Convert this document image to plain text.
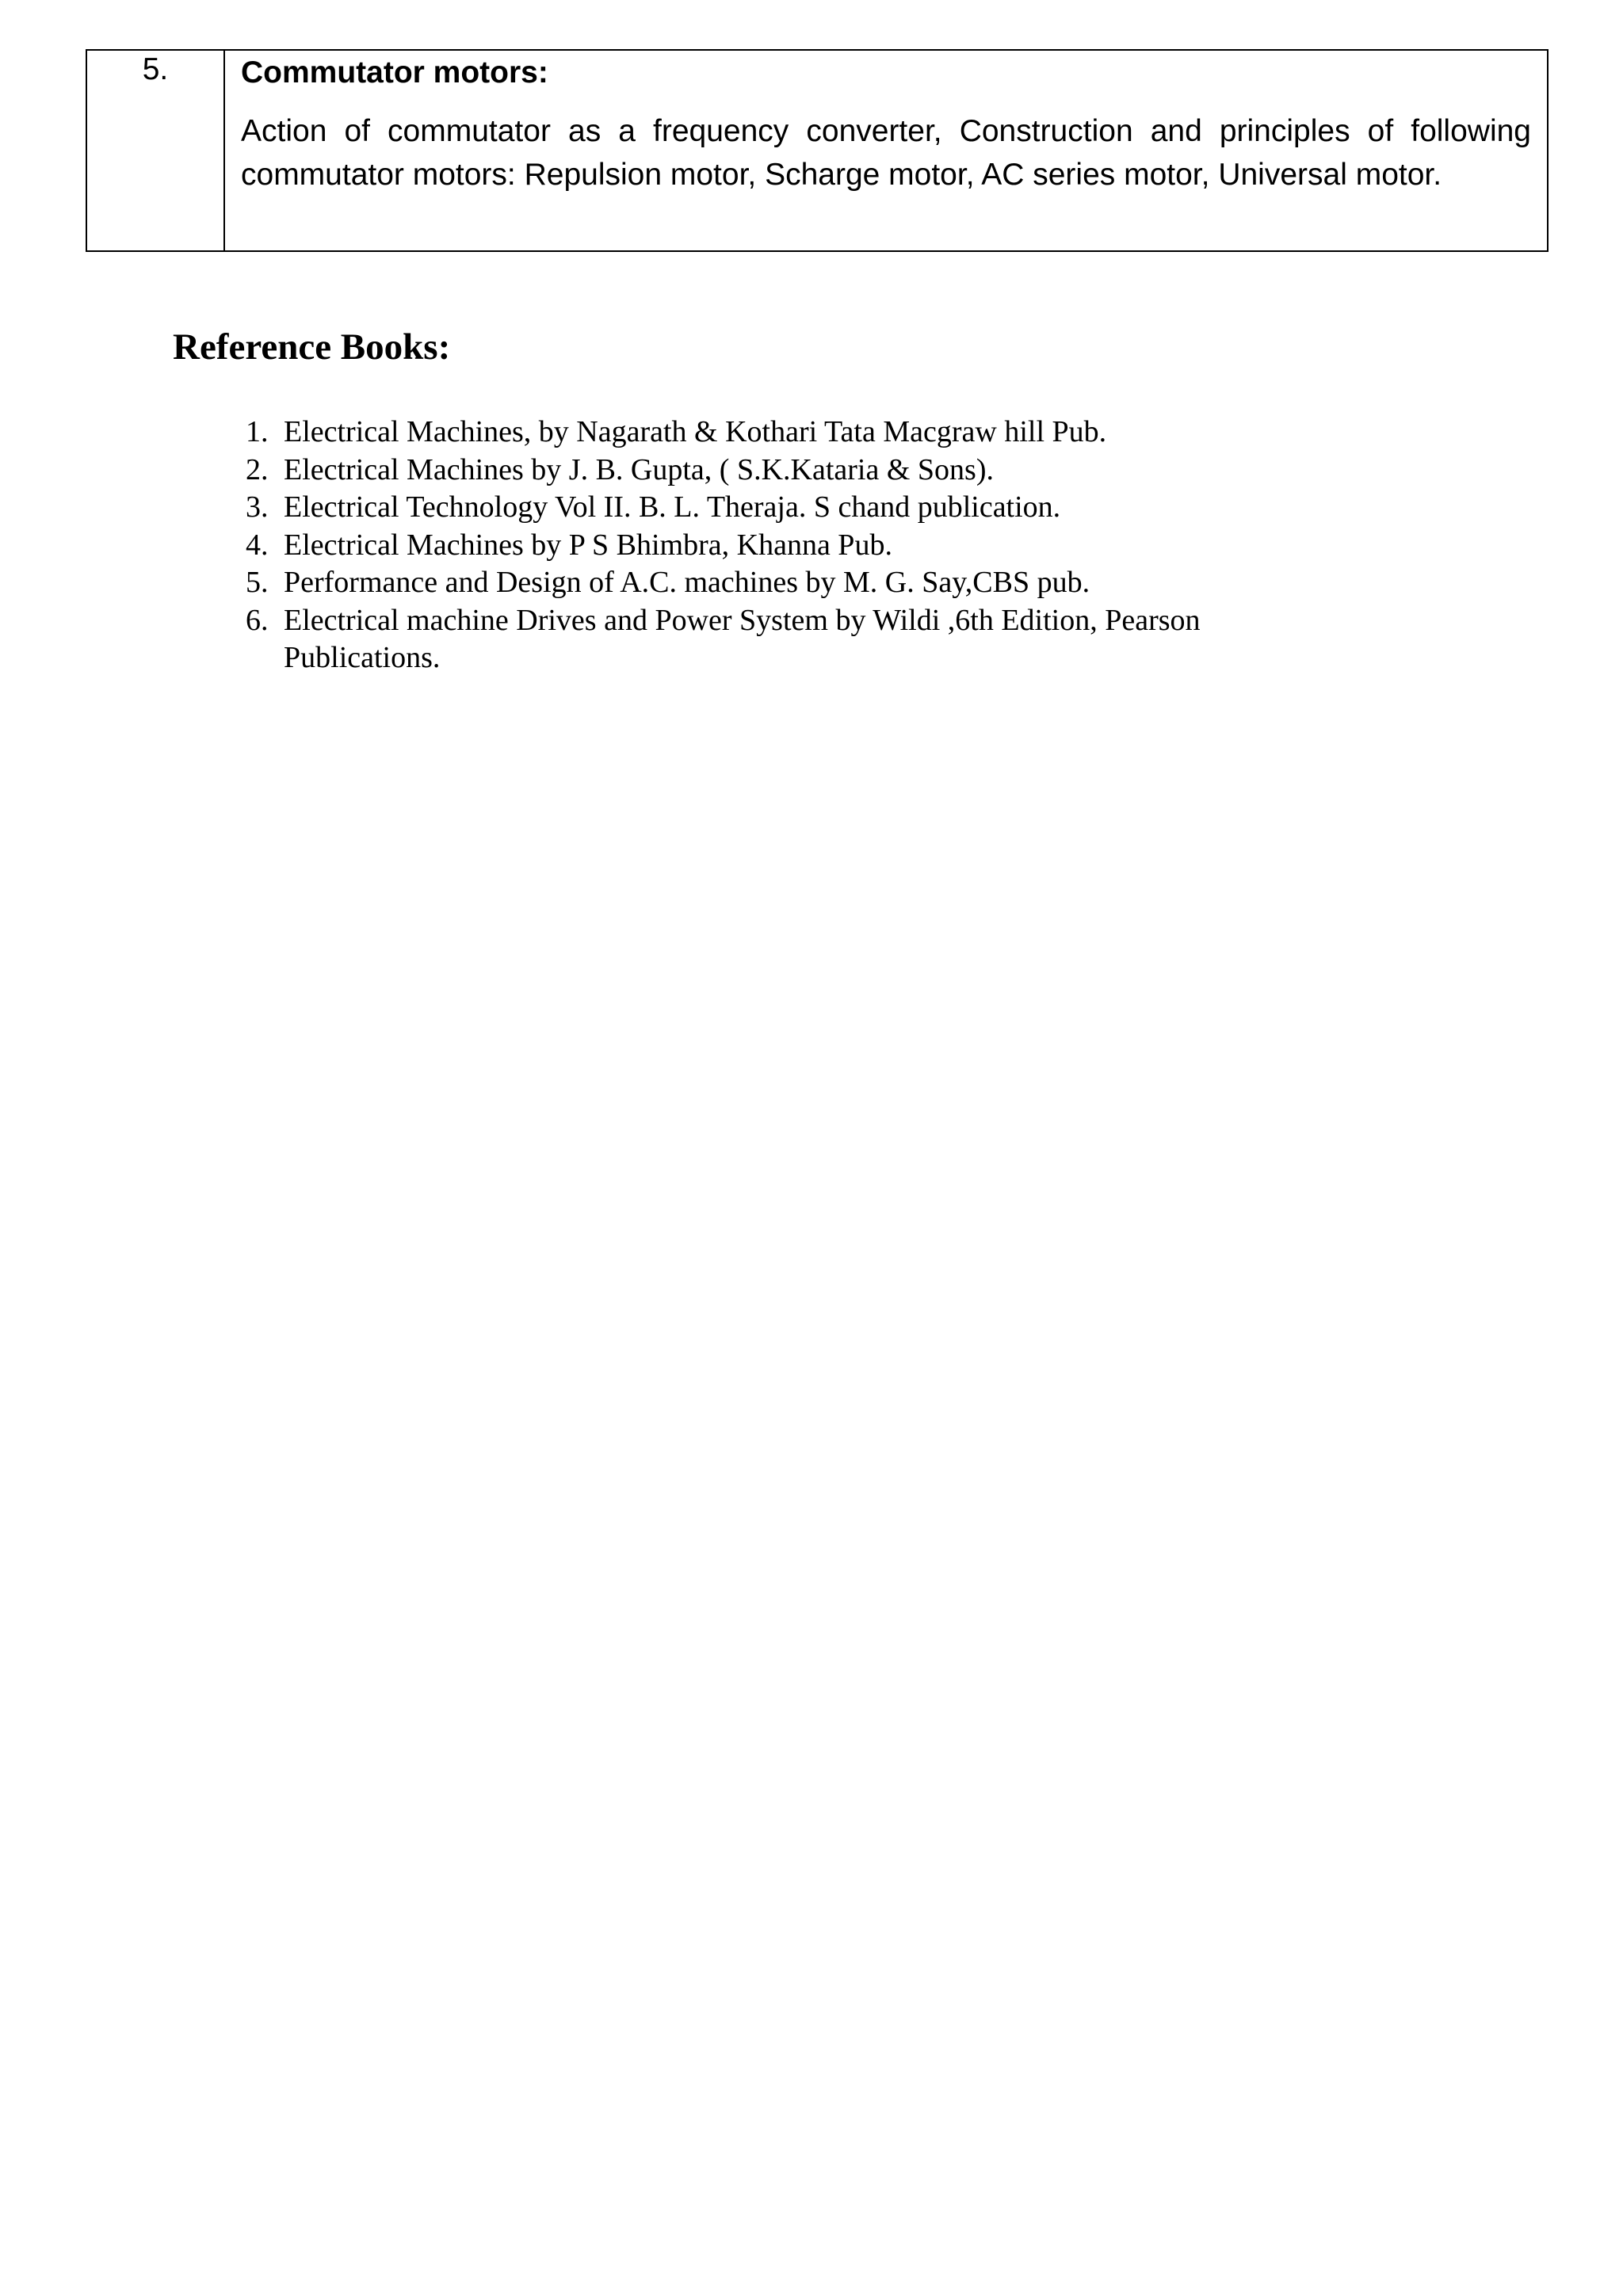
5.	Commutator motors:

Action of commutator as a frequency converter, Construction and principles of following commutator motors: Repulsion motor, Scharge motor, AC series motor, Universal motor.

Reference Books:
1. Electrical Machines, by Nagarath & Kothari Tata Macgraw hill Pub.
2. Electrical Machines by J. B. Gupta, ( S.K.Kataria & Sons).
3. Electrical Technology Vol II. B. L. Theraja. S chand publication.
4. Electrical Machines by P S Bhimbra, Khanna Pub.
5. Performance and Design of A.C. machines by M. G. Say,CBS pub.
6. Electrical machine Drives and Power System by Wildi ,6th Edition, Pearson Publications.
